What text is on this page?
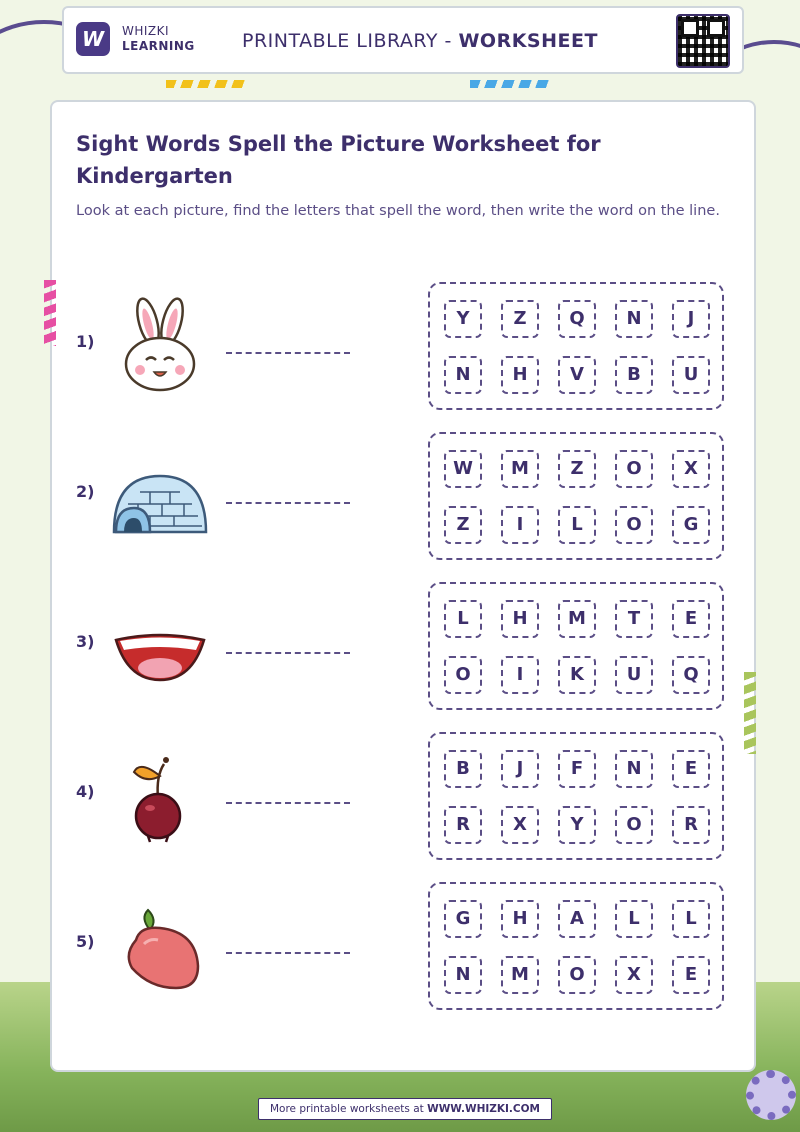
W	WHIZKI
LEARNING PRINTABLE LIBRARY - WORKSHEET
Sight Words Spell the Picture Worksheet for Kindergarten
Look at each picture, find the letters that spell the word, then write the word on the line.
1)
Y	Z	Q	N	J
N	H	V	B	U
2)
W	M	Z	O	X
Z	I	L	O	G
3)
L	H	M	T	E
O	I	K	U	Q
4)
B	J	F	N	E
R	X	Y	O	R
5)
G	H	A	L	L
N	M	O	X	E
More printable worksheets at WWW.WHIZKI.COM
